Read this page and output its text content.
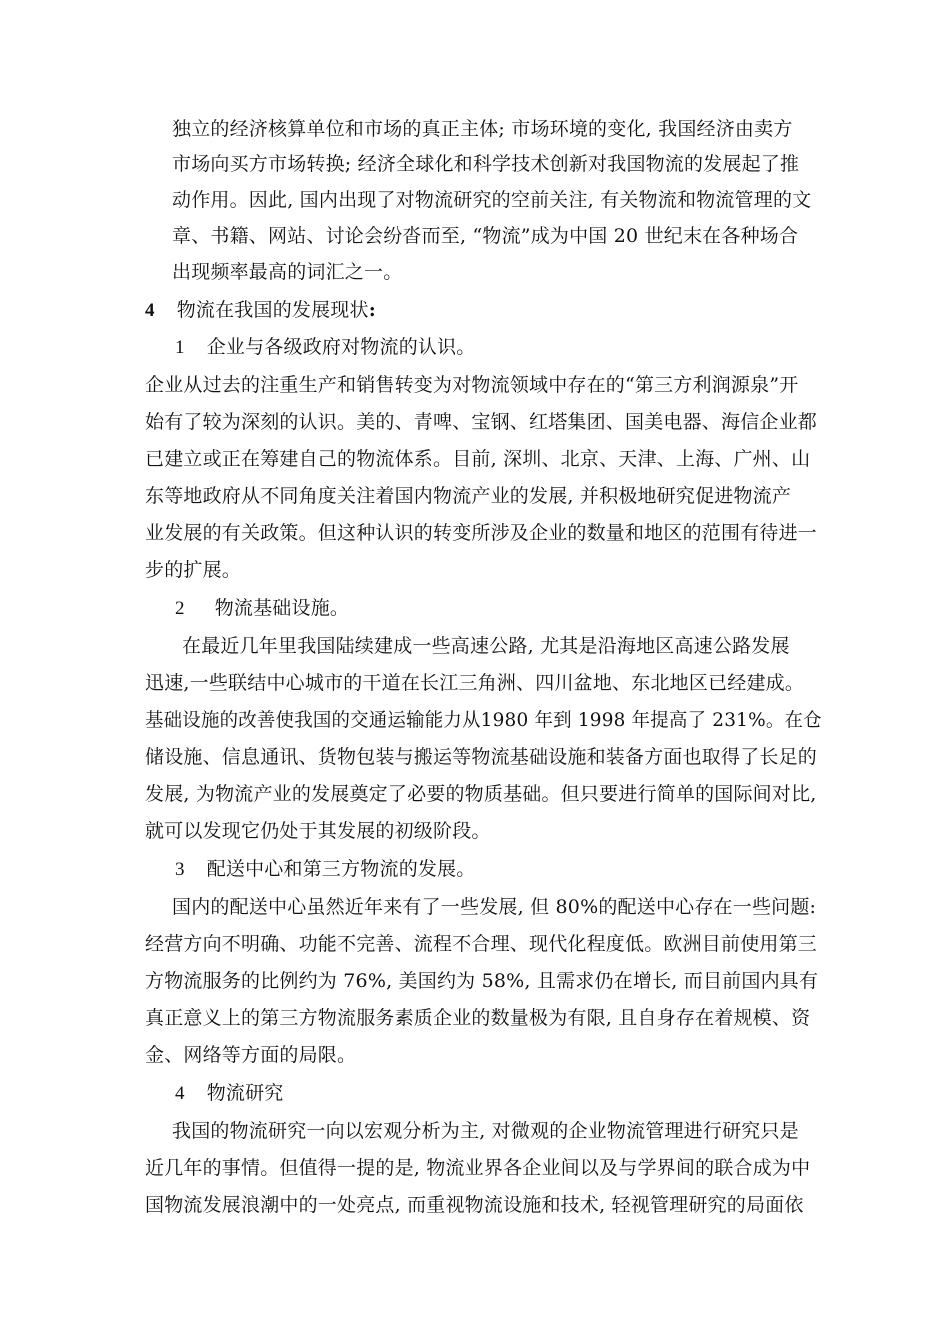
独立的经济核算单位和市场的真正主体; 市场环境的变化, 我国经济由卖方
市场向买方市场转换; 经济全球化和科学技术创新对我国物流的发展起了推
动作用。因此, 国内出现了对物流研究的空前关注, 有关物流和物流管理的文
章、书籍、网站、讨论会纷沓而至, “物流”成为中国 20 世纪末在各种场合
出现频率最高的词汇之一。
4 物流在我国的发展现状:
1 企业与各级政府对物流的认识。
企业从过去的注重生产和销售转变为对物流领域中存在的“第三方利润源泉”开
始有了较为深刻的认识。美的、青啤、宝钢、红塔集团、国美电器、海信企业都
已建立或正在筹建自己的物流体系。目前, 深圳、北京、天津、上海、广州、山
东等地政府从不同角度关注着国内物流产业的发展, 并积极地研究促进物流产
业发展的有关政策。但这种认识的转变所涉及企业的数量和地区的范围有待进一
步的扩展。
2 物流基础设施。
在最近几年里我国陆续建成一些高速公路, 尤其是沿海地区高速公路发展
迅速,一些联结中心城市的干道在长江三角洲、四川盆地、东北地区已经建成。
基础设施的改善使我国的交通运输能力从1980 年到 1998 年提高了 231%。在仓
储设施、信息通讯、货物包装与搬运等物流基础设施和装备方面也取得了长足的
发展, 为物流产业的发展奠定了必要的物质基础。但只要进行简单的国际间对比,
就可以发现它仍处于其发展的初级阶段。
3 配送中心和第三方物流的发展。
国内的配送中心虽然近年来有了一些发展, 但 80%的配送中心存在一些问题:
经营方向不明确、功能不完善、流程不合理、现代化程度低。欧洲目前使用第三
方物流服务的比例约为 76%, 美国约为 58%, 且需求仍在增长, 而目前国内具有
真正意义上的第三方物流服务素质企业的数量极为有限, 且自身存在着规模、资
金、网络等方面的局限。
4 物流研究
我国的物流研究一向以宏观分析为主, 对微观的企业物流管理进行研究只是
近几年的事情。但值得一提的是, 物流业界各企业间以及与学界间的联合成为中
国物流发展浪潮中的一处亮点, 而重视物流设施和技术, 轻视管理研究的局面依
